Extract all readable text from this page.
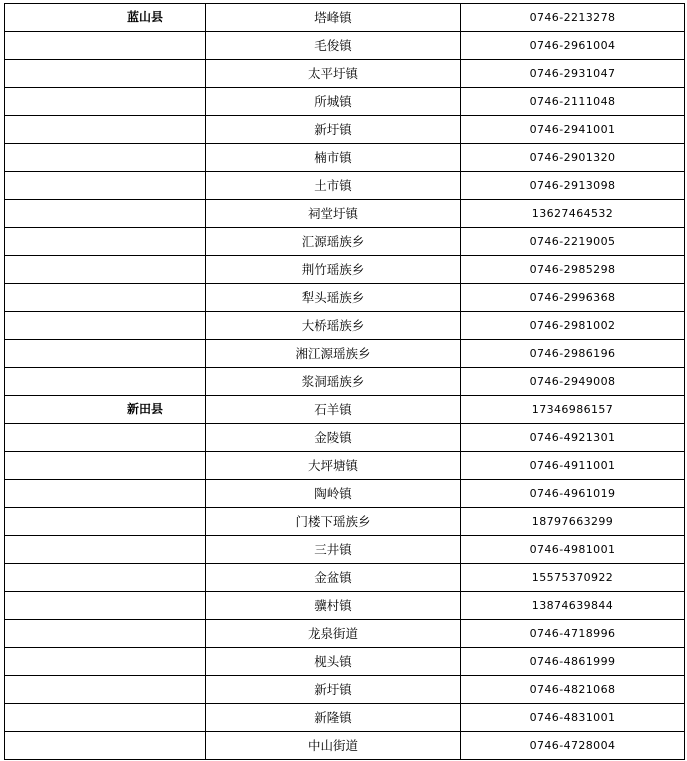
蓝山县	塔峰镇	0746-2213278
	毛俊镇	0746-2961004
	太平圩镇	0746-2931047
	所城镇	0746-2111048
	新圩镇	0746-2941001
	楠市镇	0746-2901320
	土市镇	0746-2913098
	祠堂圩镇	13627464532
	汇源瑶族乡	0746-2219005
	荆竹瑶族乡	0746-2985298
	犁头瑶族乡	0746-2996368
	大桥瑶族乡	0746-2981002
	湘江源瑶族乡	0746-2986196
	浆洞瑶族乡	0746-2949008
新田县	石羊镇	17346986157
	金陵镇	0746-4921301
	大坪塘镇	0746-4911001
	陶岭镇	0746-4961019
	门楼下瑶族乡	18797663299
	三井镇	0746-4981001
	金盆镇	15575370922
	骥村镇	13874639844
	龙泉街道	0746-4718996
	枧头镇	0746-4861999
	新圩镇	0746-4821068
	新隆镇	0746-4831001
	中山街道	0746-4728004
